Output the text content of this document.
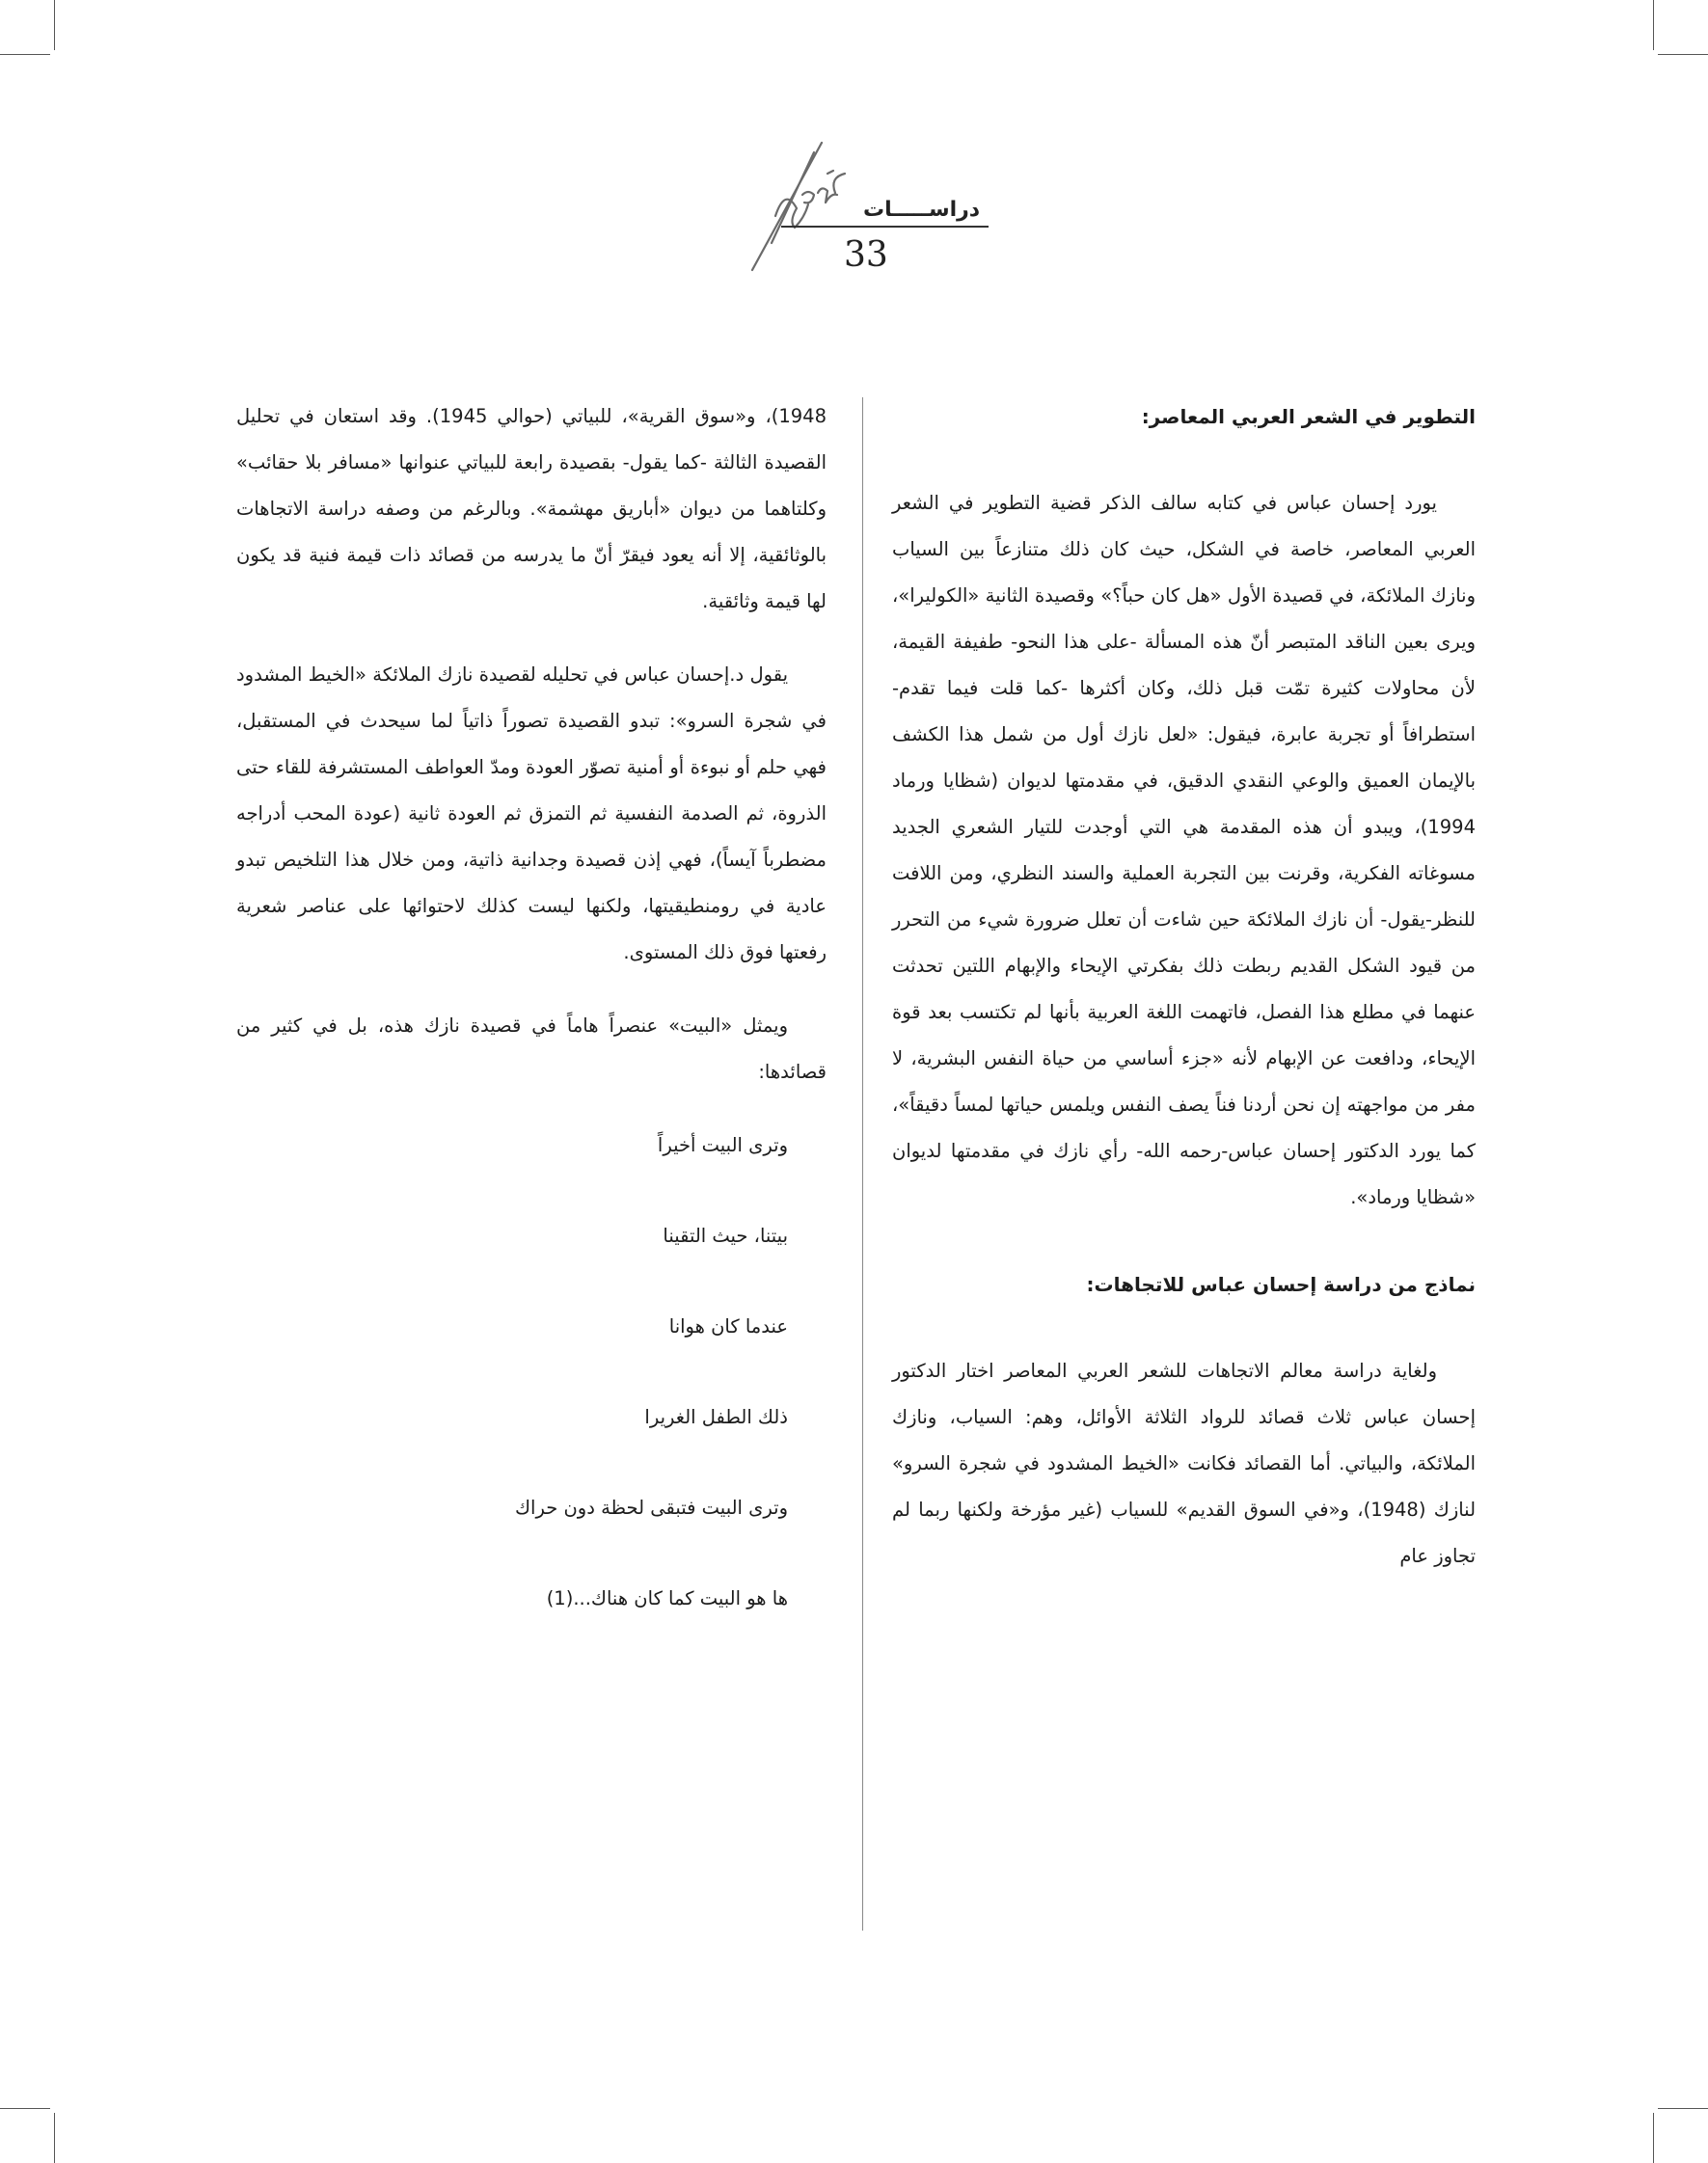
دراســـــات
33
التطوير في الشعر العربي المعاصر:

يورد إحسان عباس في كتابه سالف الذكر قضية التطوير في الشعر العربي المعاصر، خاصة في الشكل، حيث كان ذلك متنازعاً بين السياب ونازك الملائكة، في قصيدة الأول «هل كان حباً؟» وقصيدة الثانية «الكوليرا»، ويرى بعين الناقد المتبصر أنّ هذه المسألة -على هذا النحو- طفيفة القيمة، لأن محاولات كثيرة تمّت قبل ذلك، وكان أكثرها -كما قلت فيما تقدم- استطرافاً أو تجربة عابرة، فيقول: «لعل نازك أول من شمل هذا الكشف بالإيمان العميق والوعي النقدي الدقيق، في مقدمتها لديوان (شظايا ورماد 1994)، ويبدو أن هذه المقدمة هي التي أوجدت للتيار الشعري الجديد مسوغاته الفكرية، وقرنت بين التجربة العملية والسند النظري، ومن اللافت للنظر-يقول- أن نازك الملائكة حين شاءت أن تعلل ضرورة شيء من التحرر من قيود الشكل القديم ربطت ذلك بفكرتي الإيحاء والإبهام اللتين تحدثت عنهما في مطلع هذا الفصل، فاتهمت اللغة العربية بأنها لم تكتسب بعد قوة الإيحاء، ودافعت عن الإبهام لأنه «جزء أساسي من حياة النفس البشرية، لا مفر من مواجهته إن نحن أردنا فناً يصف النفس ويلمس حياتها لمساً دقيقاً»، كما يورد الدكتور إحسان عباس-رحمه الله- رأي نازك في مقدمتها لديوان «شظايا ورماد».

نماذج من دراسة إحسان عباس للاتجاهات:

ولغاية دراسة معالم الاتجاهات للشعر العربي المعاصر اختار الدكتور إحسان عباس ثلاث قصائد للرواد الثلاثة الأوائل، وهم: السياب، ونازك الملائكة، والبياتي. أما القصائد فكانت «الخيط المشدود في شجرة السرو» لنازك (1948)، و«في السوق القديم» للسياب (غير مؤرخة ولكنها ربما لم تجاوز عام

1948)، و«سوق القرية»، للبياتي (حوالي 1945). وقد استعان في تحليل القصيدة الثالثة -كما يقول- بقصيدة رابعة للبياتي عنوانها «مسافر بلا حقائب» وكلتاهما من ديوان «أباريق مهشمة». وبالرغم من وصفه دراسة الاتجاهات بالوثائقية، إلا أنه يعود فيقرّ أنّ ما يدرسه من قصائد ذات قيمة فنية قد يكون لها قيمة وثائقية.

يقول د.إحسان عباس في تحليله لقصيدة نازك الملائكة «الخيط المشدود في شجرة السرو»: تبدو القصيدة تصوراً ذاتياً لما سيحدث في المستقبل، فهي حلم أو نبوءة أو أمنية تصوّر العودة ومدّ العواطف المستشرفة للقاء حتى الذروة، ثم الصدمة النفسية ثم التمزق ثم العودة ثانية (عودة المحب أدراجه مضطرباً آيساً)، فهي إذن قصيدة وجدانية ذاتية، ومن خلال هذا التلخيص تبدو عادية في رومنطيقيتها، ولكنها ليست كذلك لاحتوائها على عناصر شعرية رفعتها فوق ذلك المستوى.

ويمثل «البيت» عنصراً هاماً في قصيدة نازك هذه، بل في كثير من قصائدها:

وترى البيت أخيراً

بيتنا، حيث التقينا

عندما كان هوانا

ذلك الطفل الغريرا

وترى البيت فتبقى لحظة دون حراك

ها هو البيت كما كان هناك...(1)
